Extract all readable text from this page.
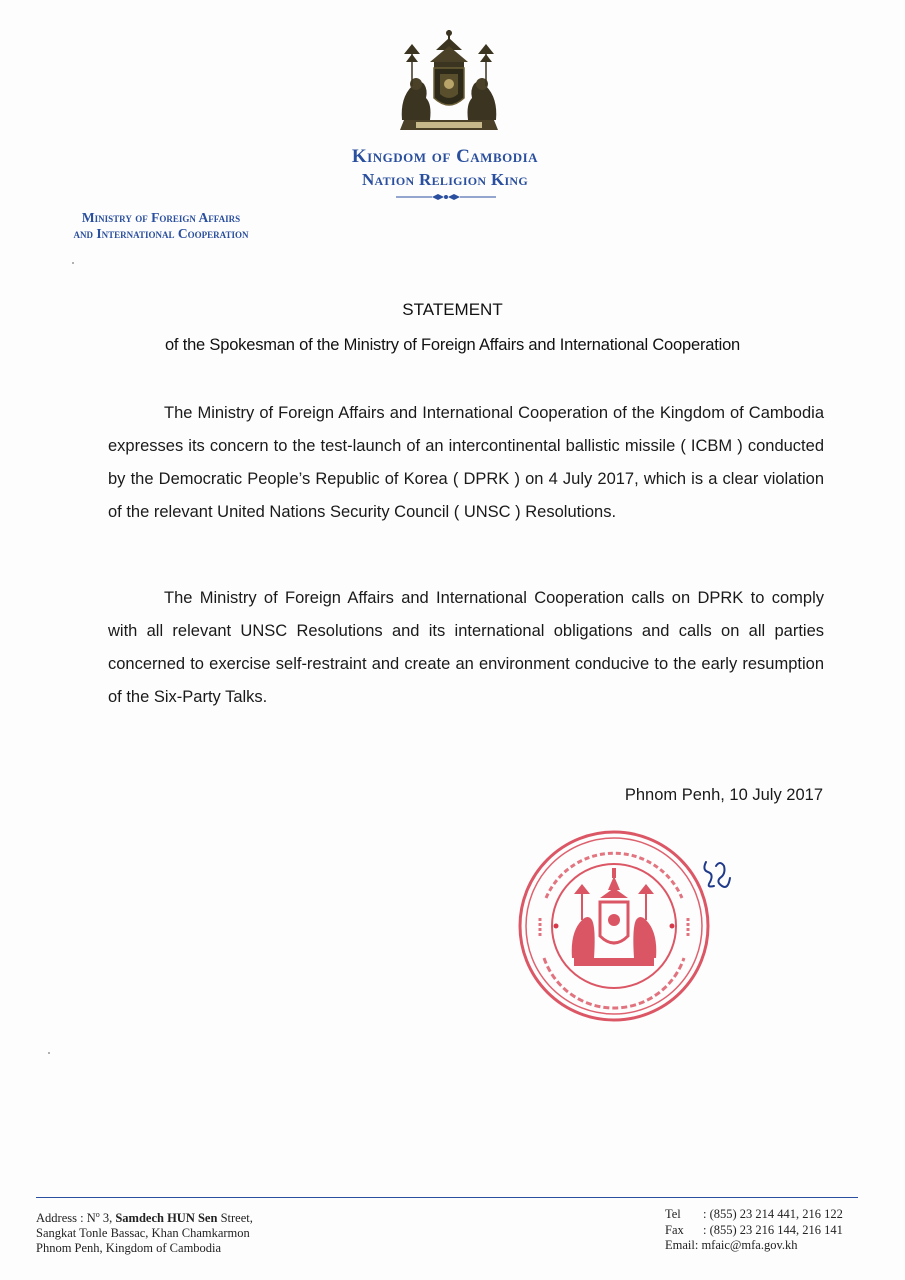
Kingdom of Cambodia
Nation Religion King
Ministry of Foreign Affairs
and International Cooperation
STATEMENT
of the Spokesman of the Ministry of Foreign Affairs and International Cooperation
The Ministry of Foreign Affairs and International Cooperation of the Kingdom of Cambodia expresses its concern to the test-launch of an intercontinental ballistic missile ( ICBM ) conducted by the Democratic People’s Republic of Korea ( DPRK ) on 4 July 2017, which is a clear violation of the relevant United Nations Security Council ( UNSC ) Resolutions.
The Ministry of Foreign Affairs and International Cooperation calls on DPRK to comply with all relevant UNSC Resolutions and its international obligations and calls on all parties concerned to exercise self-restraint and create an environment conducive to the early resumption of the Six-Party Talks.
Phnom Penh, 10 July 2017
Address : $N^o$ 3, Samdech HUN Sen Street,
Sangkat Tonle Bassac, Khan Chamkarmon
Phnom Penh, Kingdom of Cambodia
Tel	: (855) 23 214 441, 216 122
Fax	: (855) 23 216 144, 216 141
Email : mfaic@mfa.gov.kh
